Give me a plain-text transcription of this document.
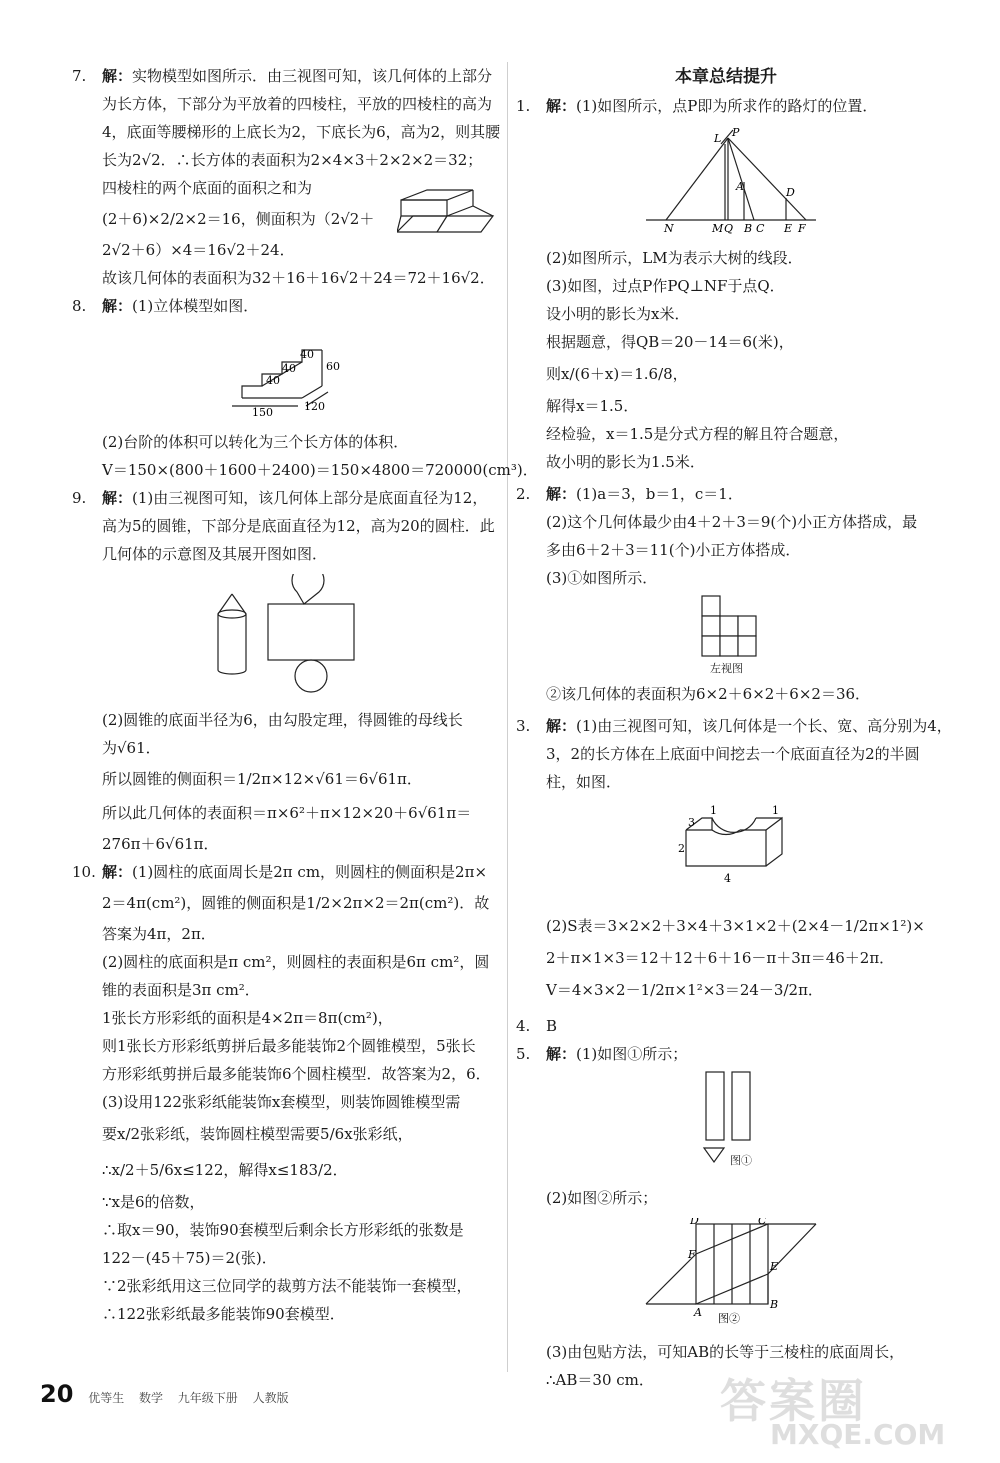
7. 解：实物模型如图所示．由三视图可知，该几何体的上部分
为长方体，下部分为平放着的四棱柱，平放的四棱柱的高为
4，底面等腰梯形的上底长为2，下底长为6，高为2，则其腰
长为2√2．∴长方体的表面积为2×4×3＋2×2×2＝32；
四棱柱的两个底面的面积之和为
(2＋6)×2/2×2＝16，侧面积为（2√2＋
2√2＋6）×4＝16√2＋24．
故该几何体的表面积为32＋16＋16√2＋24＝72＋16√2．
8. 解：(1)立体模型如图．
40
40
40
60
150	120
(2)台阶的体积可以转化为三个长方体的体积．
V＝150×(800＋1600＋2400)＝150×4800＝720000(cm³)．
9. 解：(1)由三视图可知，该几何体上部分是底面直径为12，
高为5的圆锥，下部分是底面直径为12，高为20的圆柱．此
几何体的示意图及其展开图如图．
(2)圆锥的底面半径为6，由勾股定理，得圆锥的母线长
为√61．
所以圆锥的侧面积＝1/2π×12×√61＝6√61π．
所以此几何体的表面积＝π×6²＋π×12×20＋6√61π＝
276π＋6√61π．
10. 解：(1)圆柱的底面周长是2π cm，则圆柱的侧面积是2π×
2＝4π(cm²)，圆锥的侧面积是1/2×2π×2＝2π(cm²)．故
答案为4π，2π．
(2)圆柱的底面积是π cm²，则圆柱的表面积是6π cm²，圆
锥的表面积是3π cm²．
1张长方形彩纸的面积是4×2π＝8π(cm²)，
则1张长方形彩纸剪拼后最多能装饰2个圆锥模型，5张长
方形彩纸剪拼后最多能装饰6个圆柱模型．故答案为2，6．
(3)设用122张彩纸能装饰x套模型，则装饰圆锥模型需
要x/2张彩纸，装饰圆柱模型需要5/6x张彩纸，
∴x/2＋5/6x≤122，解得x≤183/2．
∵x是6的倍数，
∴取x＝90，装饰90套模型后剩余长方形彩纸的张数是
122－(45＋75)＝2(张)．
∵2张彩纸用这三位同学的裁剪方法不能装饰一套模型，
∴122张彩纸最多能装饰90套模型．
本章总结提升
1. 解：(1)如图所示，点P即为所求作的路灯的位置．
L P
A	D
N	M Q B C E F
(2)如图所示，LM为表示大树的线段．
(3)如图，过点P作PQ⊥NF于点Q．
设小明的影长为x米．
根据题意，得QB＝20－14＝6(米)，
则x/(6＋x)＝1.6/8，
解得x＝1.5．
经检验，x＝1.5是分式方程的解且符合题意，
故小明的影长为1.5米．
2. 解：(1)a＝3，b＝1，c＝1．
(2)这个几何体最少由4＋2＋3＝9(个)小正方体搭成，最
多由6＋2＋3＝11(个)小正方体搭成．
(3)①如图所示．
左视图
②该几何体的表面积为6×2＋6×2＋6×2＝36．
3. 解：(1)由三视图可知，该几何体是一个长、宽、高分别为4，
3，2的长方体在上底面中间挖去一个底面直径为2的半圆
柱，如图．
1	1
3
2
4
(2)S表＝3×2×2＋3×4＋3×1×2＋(2×4－1/2π×1²)×
2＋π×1×3＝12＋12＋6＋16－π＋3π＝46＋2π．
V＝4×3×2－1/2π×1²×3＝24－3/2π．
4. B
5. 解：(1)如图①所示；
图①
(2)如图②所示；
D	C
F
E
A
B
图②
(3)由包贴方法，可知AB的长等于三棱柱的底面周长，
∴AB＝30 cm．
20 优等生 数学 九年级下册 人教版	答案圈
MXQE.COM
